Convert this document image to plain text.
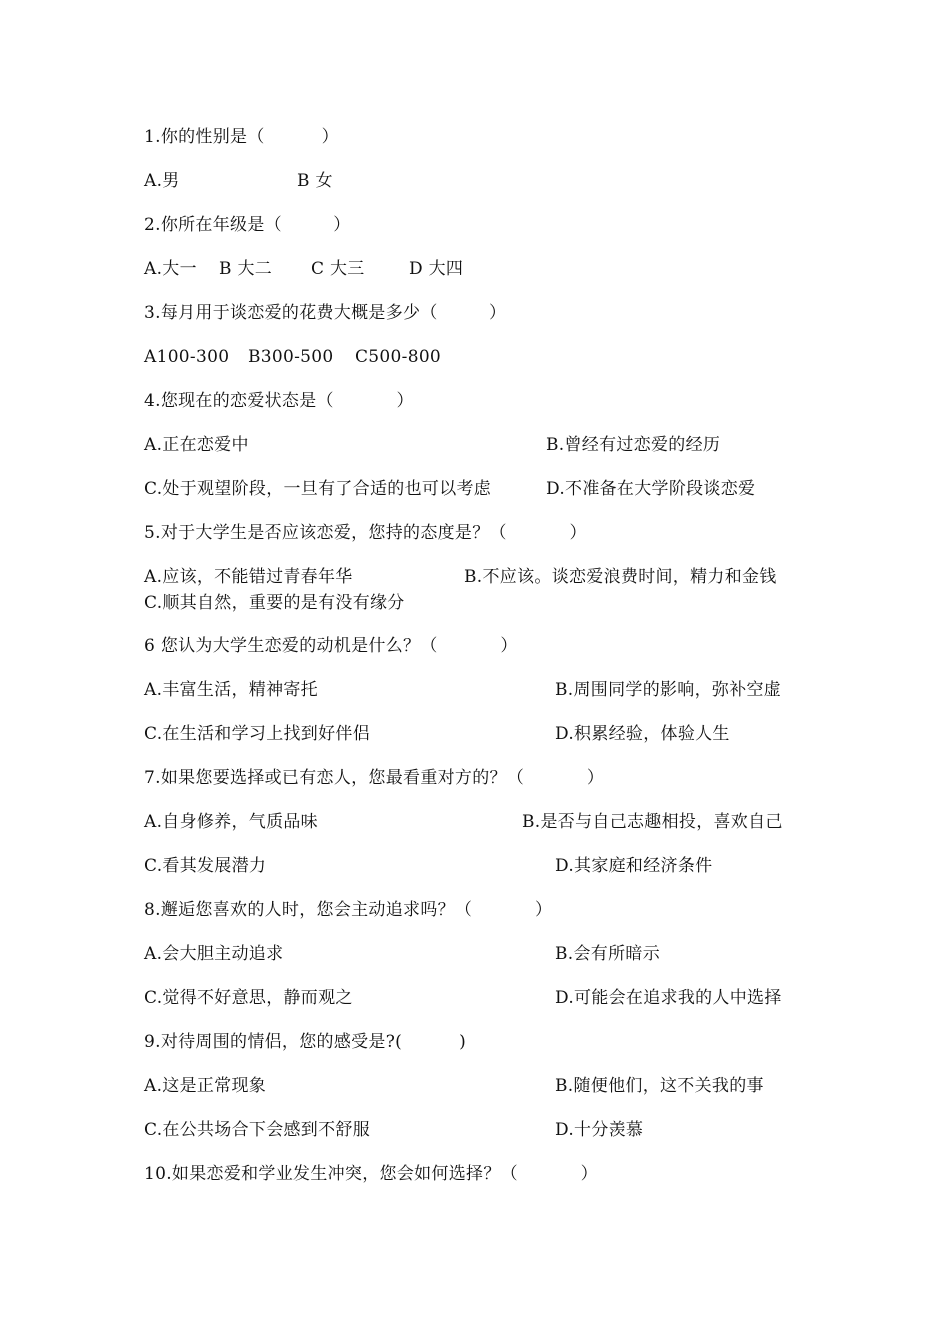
1.你的性别是（          ）
A.男	B 女
2.你所在年级是（         ）
A.大一 B 大二 C 大三	D 大四
3.每月用于谈恋爱的花费大概是多少（         ）
A100-300 B300-500 C500-800
4.您现在的恋爱状态是（           ）
A.正在恋爱中	B.曾经有过恋爱的经历
C.处于观望阶段，一旦有了合适的也可以考虑	D.不准备在大学阶段谈恋爱
5.对于大学生是否应该恋爱，您持的态度是？（           ）
A.应该，不能错过青春年华	B.不应该。谈恋爱浪费时间，精力和金钱
C.顺其自然，重要的是有没有缘分
6 您认为大学生恋爱的动机是什么？（           ）
A.丰富生活，精神寄托	B.周围同学的影响，弥补空虚
C.在生活和学习上找到好伴侣	D.积累经验，体验人生
7.如果您要选择或已有恋人，您最看重对方的？（           ）
A.自身修养，气质品味	B.是否与自己志趣相投，喜欢自己
C.看其发展潜力	D.其家庭和经济条件
8.邂逅您喜欢的人时，您会主动追求吗？（           ）
A.会大胆主动追求	B.会有所暗示
C.觉得不好意思，静而观之	D.可能会在追求我的人中选择
9.对待周围的情侣，您的感受是?(          )
A.这是正常现象	B.随便他们，这不关我的事
C.在公共场合下会感到不舒服	D.十分羡慕
10.如果恋爱和学业发生冲突，您会如何选择？（           ）
